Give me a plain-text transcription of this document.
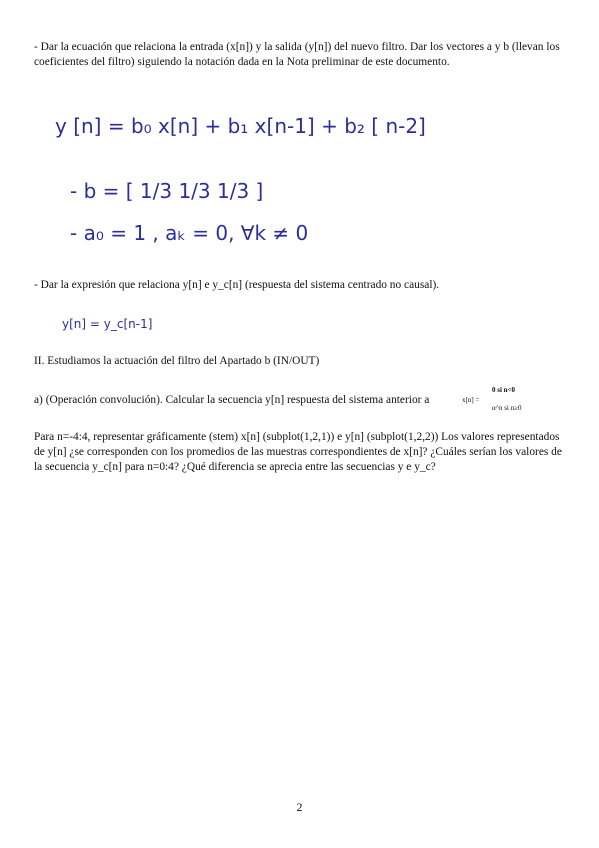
- Dar la ecuación que relaciona la entrada (x[n]) y la salida (y[n]) del nuevo filtro. Dar los vectores a y b (llevan los coeficientes del filtro) siguiendo la notación dada en la Nota preliminar de este documento.

y [n] = b₀ x[n] + b₁ x[n-1] + b₂ [ n-2]
- b = [ 1/3 1/3 1/3 ]
- a₀ = 1 , aₖ = 0, ∀k ≠ 0

- Dar la expresión que relaciona y[n] e y_c[n] (respuesta del sistema centrado no causal).

y[n] = y_c[n-1]

II. Estudiamos la actuación del filtro del Apartado b (IN/OUT)

a) (Operación convolución). Calcular la secuencia y[n] respuesta del sistema anterior a	x[n] =
0 si n<0
α^n si n≥0

Para n=-4:4, representar gráficamente (stem) x[n] (subplot(1,2,1)) e y[n] (subplot(1,2,2)) Los valores representados de y[n] ¿se corresponden con los promedios de las muestras correspondientes de x[n]? ¿Cuáles serían los valores de la secuencia y_c[n] para n=0:4? ¿Qué diferencia se aprecia entre las secuencias y e y_c?

2
